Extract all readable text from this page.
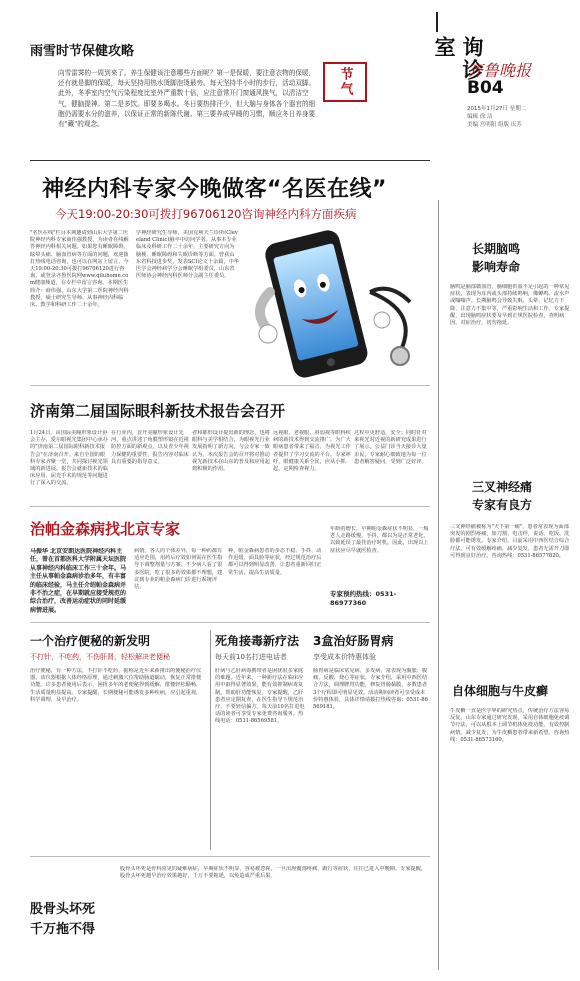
询诊室
齐鲁晚报
B04
2015年1月27日 星期二
编辑 徐 洁
美编 宫明阳 组版 庆芳
节气
雨雪时节保健攻略
向雪雷霁的一周到来了。养生保健该注意哪些方面呢？第一是保暖，要注意衣物的保暖，还有就是脚的保暖，每天坚持用热水烫脚泡烫最旁。每天坚持半小时的步行，活动双脚。此外，冬季室内空气污染程度比室外严重数十倍，应注意常开门窗通风换气，以清洁空气，健脑提神。第二是多饮。即要多喝水。冬日要热排汗少，但大脑与身体各个器官的细胞仍需要水分的滋养，以保证正常的新陈代谢。第三要养成早睡的习惯，顺应冬日养身要有"藏"的观念。
神经内科专家今晚做客“名医在线”
今天19:00-20:30可拨打96706120咨询神经内科方面疾病
"名医在线"栏目本期邀请到山东大学第二医院神经内科专家商伟强教授，为读者在线解答神经内科相关问题。如果您有睡眠障碍、眩晕头痛、脑血管病等方面的问题，欢迎拨打热线电话咨询，也可以在网站上留言。今天19:00-20:30可拨打96706120进行咨询，或登录齐鲁医院网www.qiluhome.com健康频道，在专栏中留言咨询。本期医生简介：商伟强，山东大学第二医院神经内科教授，硕士研究生导师。从事神经内科临床、教学和科研工作二十余年。
学神经研究生导师，美国克利夫兰诊所(Cleveland Clinic)脑卒中访问学者。从事本专业临床及科研工作二十余年，主要研究方向为脑梗、睡眠障碍和失眠诊断等方面。曾获山东省科技进步奖，发表SCI论文十余篇，中华医学会神经病学分会睡眠学组委员，山东省医师协会神经内科医师分会副主任委员。
济南第二届国际眼科新技术报告会召开
1月24日，由国际美瞳形象设计协会主办，爱尔眼视光集团中心承办的"济南第二届国际眼科新技术报告会"在济南召开。来自全国的眼科专家齐聚一堂，共同探讨视光领域的新进展。报告会就新技术的临床应用、屈光手术的规范等问题进行了深入的交流。
在行业内，首开美瞳形象设计先河，重点讲述了角膜塑形镜在近视防控方面的新观点，以及青少年视力保健的重要性，报告内容对临床具有重要的指导意义。
者和都形设计提出新的理念，也将眼科与美学相结合，为眼视光行业发展指明了新方向。与会专家一致认为，本次报告会的召开将对推动视光新技术在山东的普及和应用起到积极的作用。
远视眼、老视眼、斜弱视等眼科疾病的新技术得到交流推广。为广大眼病患者带来了福音，为视光工作者提供了学习交流的平台。专家呼吁，眼健康关系全民，应从小抓起，定期检查视力。
过程中更舒适，安全；同时针对来视光对近视的新研究成果进行了展示。公益门诊当天接诊大量市民，专家耐心细致地为每一位患者解答疑问，受到广泛好评。
治帕金森病找北京专家
马振华 北京安朗达医院神经内科主任，曾在首都医科大学附属天坛医院从事神经内科临床工作三十余年。马主任从事帕金森病诊治多年，有丰富的临床经验，马主任介绍帕金森病并非不治之症，在早期就应接受规范的综合治疗，改善运动症状的同时延缓病情进展。
病情，各人的个体差异，每一种药都有适应范围，用药后疗效如何需在医生指导下调整剂量与方案。不少病人看了很多医院，吃了很多药效果都不理想，建议到专业的帕金森病门诊进行系统评估。
种，帕金森病患者的步态不稳、手抖、动作迟缓、面具脸等症状，经过规范治疗后都可以得到明显改善，让患者重新回归正常生活，提高生活质量。
年龄的增长，早期帕金森症状不明显，一般老人走路缓慢、手抖，都以为是正常老化，以致延误了最佳治疗时机。因此，出现以上症状应尽早就医检查。
专家预约热线：0531-86977360
一个治疗便秘的新发明
不打针，不吃药，不伤肝肾，轻松解决老便秘
治疗便秘，有一种方法，不打针不吃药，据称是近年来新推出的便秘治疗仪器。该仪器根据人体经络原理，通过刺激穴位帮助肠道蠕动，恢复正常排便功能。许多患者使用后表示，困扰多年的老便秘得到缓解，排便轻松顺畅，生活质量明显提高。专家提醒，长期便秘可能诱发多种疾病，应引起重视，科学调理，及早治疗。
死角接毒新疗法
每天前10名打进电话者
肝病与乙肝病毒携带者是困扰很多家庭的难题。近年来，一种新疗法在临床应用中取得显著效果，能有效抑制病毒复制，帮助肝功能恢复。专家提醒，乙肝患者应定期复查，在医生指导下规范治疗，不要轻信偏方。每天前10名打进电话的读者可享受专家免费咨询服务。热线电话：0531-86569581。
3盒治好肠胃病
享受成本价特惠体验
肠胃病是临床常见病、多发病，常表现为腹胀、腹痛、反酸、烧心等症状。专家介绍，采用中西医结合方法，调理脾胃功能，修复胃肠黏膜，多数患者3个疗程即可明显见效。活动期间读者可享受成本价特惠体验，具体详情请拨打热线咨询：0531-86569181。
股骨头坏死
千万拖不得
股骨头坏死是骨科常见的疑难病症，早期症状不明显，容易被忽视，一旦出现髋部疼痛、跛行等症状，往往已进入中晚期。专家提醒，股骨头坏死越早治疗效果越好，千万不要拖延，以免造成严重后果。
长期脑鸣
影响寿命
脑鸣是脑部微血管、脑细胞供血不足引起的一种常见症状，表现为耳内或头部持续鸣响，像蝉鸣、流水声或嗡嗡声。长期脑鸣会导致失眠、头晕、记忆力下降、注意力不集中等，严重影响生活和工作。专家提醒，出现脑鸣症状要及早到正规医院检查，查明病因，对症治疗，切勿拖延。
三叉神经痛
专家有良方
三叉神经痛被称为"天下第一痛"，患者常表现为面部突发的剧烈疼痛，如刀割、电击样，说话、吃饭、洗脸都可能诱发。专家介绍，目前采用中西医结合综合疗法，可有效缓解疼痛，减少复发，患者无需开刀即可得到良好治疗。咨询热线：0531-86577820。
自体细胞与牛皮癣
牛皮癣一直是医学界的研究热点，传统治疗方法容易反复。山东专家通过研究发现，采用自体细胞免疫调节疗法，可以从根本上调节机体免疫功能，有效控制病情，减少复发，为牛皮癣患者带来新希望。咨询热线：0531-86573160。
